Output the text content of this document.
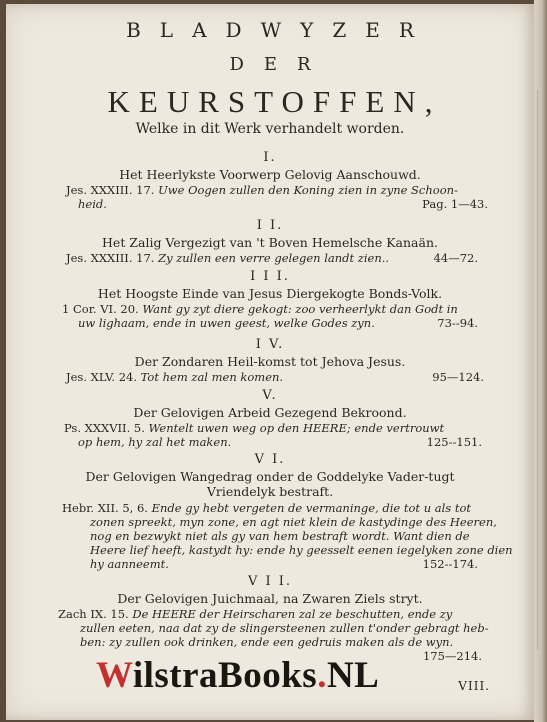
BLADWYZER
DER
KEURSTOFFEN,
Welke in dit Werk verhandelt worden.
I.
Het Heerlykste Voorwerp Gelovig Aanschouwd.
Jes. XXXIII. 17. Uwe Oogen zullen den Koning zien in zyne Schoon-
heid.	Pag. 1—43.
I I.
Het Zalig Vergezigt van 't Boven Hemelsche Kanaän.
Jes. XXXIII. 17. Zy zullen een verre gelegen landt zien..	44—72.
I I I.
Het Hoogste Einde van Jesus Diergekogte Bonds-Volk.
1 Cor. VI. 20. Want gy zyt diere gekogt: zoo verheerlykt dan Godt in
uw lighaam, ende in uwen geest, welke Godes zyn.	73--94.
I V.
Der Zondaren Heil-komst tot Jehova Jesus.
Jes. XLV. 24. Tot hem zal men komen.	95—124.
V.
Der Gelovigen Arbeid Gezegend Bekroond.
Ps. XXXVII. 5. Wentelt uwen weg op den HEERE; ende vertrouwt
op hem, hy zal het maken.	125--151.
V I.
Der Gelovigen Wangedrag onder de Goddelyke Vader-tugt
Vriendelyk bestraft.
Hebr. XII. 5, 6. Ende gy hebt vergeten de vermaninge, die tot u als tot
zonen spreekt, myn zone, en agt niet klein de kastydinge des Heeren,
nog en bezwykt niet als gy van hem bestraft wordt. Want dien de
Heere lief heeft, kastydt hy: ende hy geesselt eenen iegelyken zone dien
hy aanneemt.	152--174.
V I I.
Der Gelovigen Juichmaal, na Zwaren Ziels stryt.
Zach IX. 15. De HEERE der Heirscharen zal ze beschutten, ende zy
zullen eeten, naa dat zy de slingersteenen zullen t'onder gebragt heb-
ben: zy zullen ook drinken, ende een gedruis maken als de wyn.
175—214.
VIII.
WilstraBooks.NL
